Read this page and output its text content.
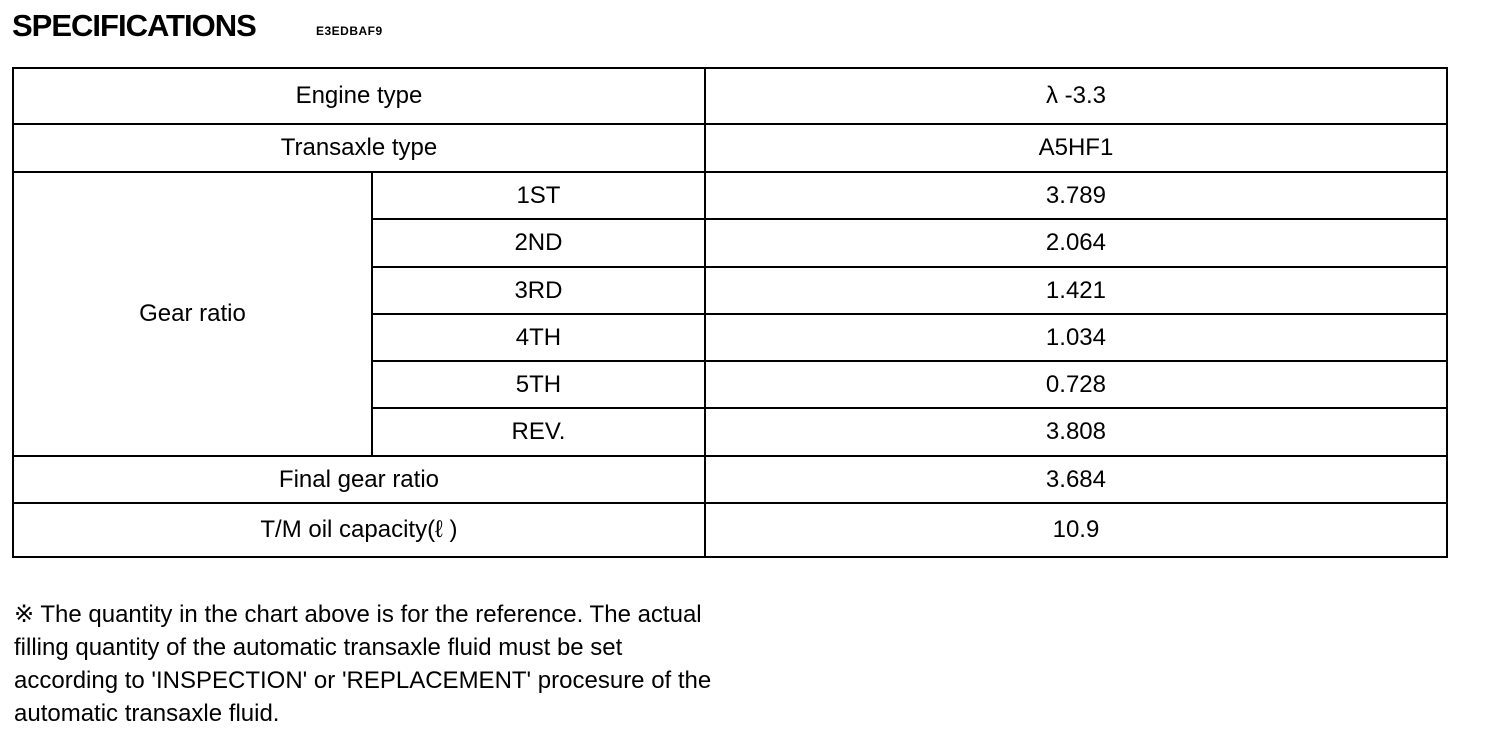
SPECIFICATIONS	E3EDBAF9
Engine type		λ -3.3
Transaxle type		A5HF1
Gear ratio	1ST	3.789
	2ND	2.064
	3RD	1.421
	4TH	1.034
	5TH	0.728
	REV.	3.808
Final gear ratio		3.684
T/M oil capacity(ℓ )		10.9
※ The quantity in the chart above is for the reference. The actual filling quantity of the automatic transaxle fluid must be set according to 'INSPECTION' or 'REPLACEMENT' procesure of the automatic transaxle fluid.
